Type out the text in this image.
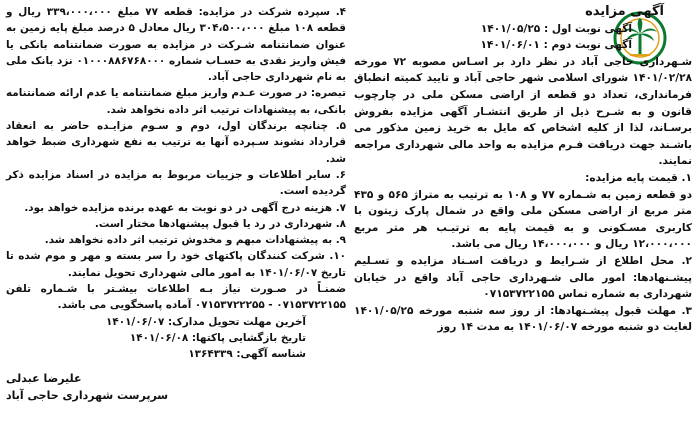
آگهی مزایده
آگهی نوبت اول : ۱۴۰۱/۰۵/۲۵
آگهی نوبت دوم : ۱۴۰۱/۰۶/۰۱
شـهرداری حاجی آباد در نظر دارد بر اسـاس مصوبه ۷۲ مورخه ۱۴۰۱/۰۲/۲۸ شورای اسلامی شهر حاجی آباد و تایید کمیته انطباق فرمانداری، تعداد دو قطعه از اراضی مسکن ملی در چارچوب قانون و به شـرح ذیل از طریق انتشـار آگهی مزایده بفروش برسـاند، لذا از کلیه اشخاص که مایل به خرید زمین مذکور می باشـند جهت دریافت فـرم مزایده به واحد مالی شهرداری مراجعه نمایند.
۱. قیمت پایه مزایده:
دو قطعه زمین به شـماره ۷۷ و ۱۰۸ به ترتیب به متراژ ۵۶۵ و ۴۳۵ متر مربع از اراضی مسکن ملی واقع در شمال پارک زیتون با کاربری مسـکونی و به قیمت پایه به ترتیـب هر متر مربع ۱۲،۰۰۰،۰۰۰ ریال و ۱۴،۰۰۰،۰۰۰ ریال می باشد.
۲. محل اطلاع از شـرایط و دریافت اسـناد مزایده و تسـلیم پیشـنهادها: امور مالی شـهرداری حاجی آباد واقع در خیابان شهرداری به شماره تماس ۰۷۱۵۳۷۲۲۱۵۵
۳. مهلت قبول پیشـنهادها: از روز سه شنبه مورخه ۱۴۰۱/۰۵/۲۵ لغایت دو شنبه مورخه ۱۴۰۱/۰۶/۰۷ به مدت ۱۴ روز
۴. سپرده شرکت در مزایده: قطعه ۷۷ مبلغ ۳۳۹،۰۰۰،۰۰۰ ریال و قطعه ۱۰۸ مبلغ ۳۰۴،۵۰۰،۰۰۰ ریال معادل ۵ درصد مبلغ پایه زمین به عنوان ضمانتنامه شـرکت در مزایده به صورت ضمانتنامه بانکی یا فیش واریز نقدی به حسـاب شماره ۰۱۰۰۰۸۸۶۷۶۸۰۰۰ نزد بانک ملی به نام شهرداری حاجی آباد.
تبصره: در صورت عـدم واریز مبلغ ضمانتنامه یا عدم ارائه ضمانتنامه بانکی، به پیشنهادات ترتیب اثر داده نخواهد شد.
۵. چنانچه برندگان اول، دوم و سـوم مزایـده حاضر به انعقاد قرارداد نشوند سـپرده آنها به ترتیب به نفع شهرداری ضبط خواهد شد.
۶. سایر اطلاعات و جزییات مربوط به مزایده در اسناد مزایده ذکر گردیده است.
۷. هزینه درج آگهی در دو نوبت به عهده برنده مزایده خواهد بود.
۸. شهرداری در رد یا قبول پیشنهادها مختار است.
۹. به پیشنهادات مبهم و مخدوش ترتیب اثر داده نخواهد شد.
۱۰. شرکت کنندگان پاکتهای خود را سر بسته و مهر و موم شده تا تاریخ ۱۴۰۱/۰۶/۰۷ به امور مالی شهرداری تحویل نمایند.
ضمنـاً در صـورت نیاز بـه اطلاعات بیشـتر با شـماره تلفن ۰۷۱۵۳۷۲۲۱۵۵ - ۰۷۱۵۳۷۲۲۲۵۵ آماده پاسخگویی می باشد.
آخرین مهلت تحویل مدارک: ۱۴۰۱/۰۶/۰۷
تاریخ بازگشایی پاکتها: ۱۴۰۱/۰۶/۰۸
شناسه آگهی: ۱۳۶۴۳۳۹
علیرضا عبدلی
سرپرست شهرداری حاجی آباد
